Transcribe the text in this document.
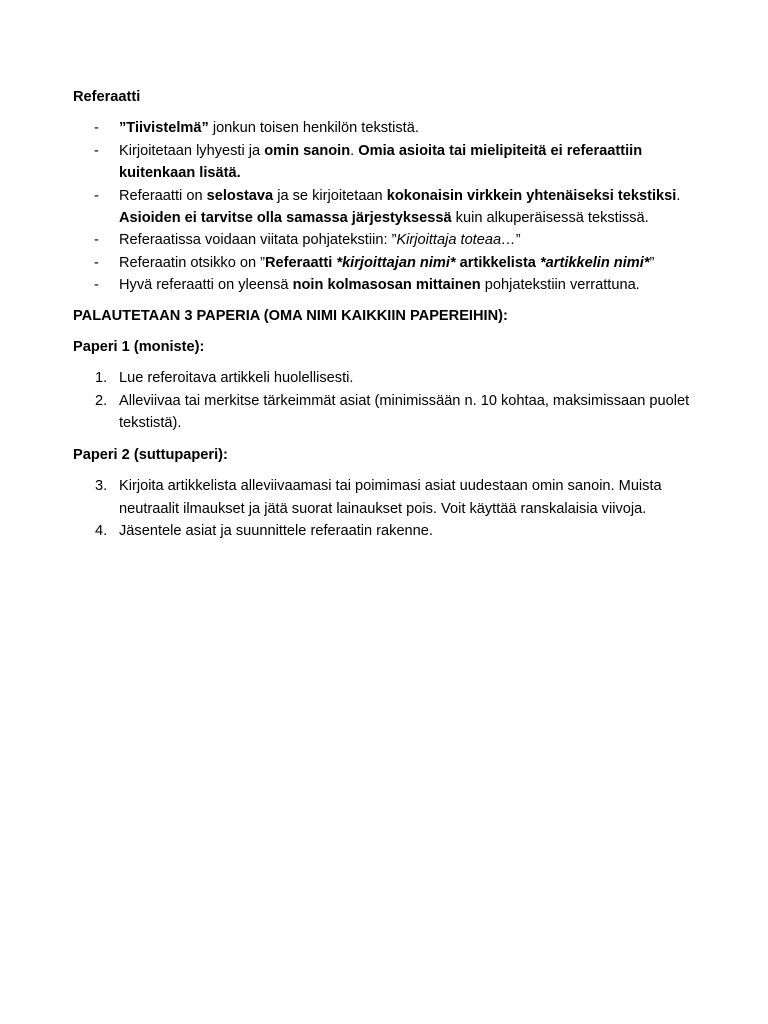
Referaatti

- ”Tiivistelmä” jonkun toisen henkilön tekstistä.
- Kirjoitetaan lyhyesti ja omin sanoin. Omia asioita tai mielipiteitä ei referaattiin kuitenkaan lisätä.
- Referaatti on selostava ja se kirjoitetaan kokonaisin virkkein yhtenäiseksi tekstiksi. Asioiden ei tarvitse olla samassa järjestyksessä kuin alkuperäisessä tekstissä.
- Referaatissa voidaan viitata pohjatekstiin: ”Kirjoittaja toteaa…”
- Referaatin otsikko on ”Referaatti *kirjoittajan nimi* artikkelista *artikkelin nimi*”
- Hyvä referaatti on yleensä noin kolmasosan mittainen pohjatekstiin verrattuna.

PALAUTETAAN 3 PAPERIA (OMA NIMI KAIKKIIN PAPEREIHIN):

Paperi 1 (moniste):

1. Lue referoitava artikkeli huolellisesti.
2. Alleviivaa tai merkitse tärkeimmät asiat (minimissään n. 10 kohtaa, maksimissaan puolet tekstistä).

Paperi 2 (suttupaperi):

3. Kirjoita artikkelista alleviivaamasi tai poimimasi asiat uudestaan omin sanoin. Muista neutraalit ilmaukset ja jätä suorat lainaukset pois. Voit käyttää ranskalaisia viivoja.
4. Jäsentele asiat ja suunnittele referaatin rakenne.
